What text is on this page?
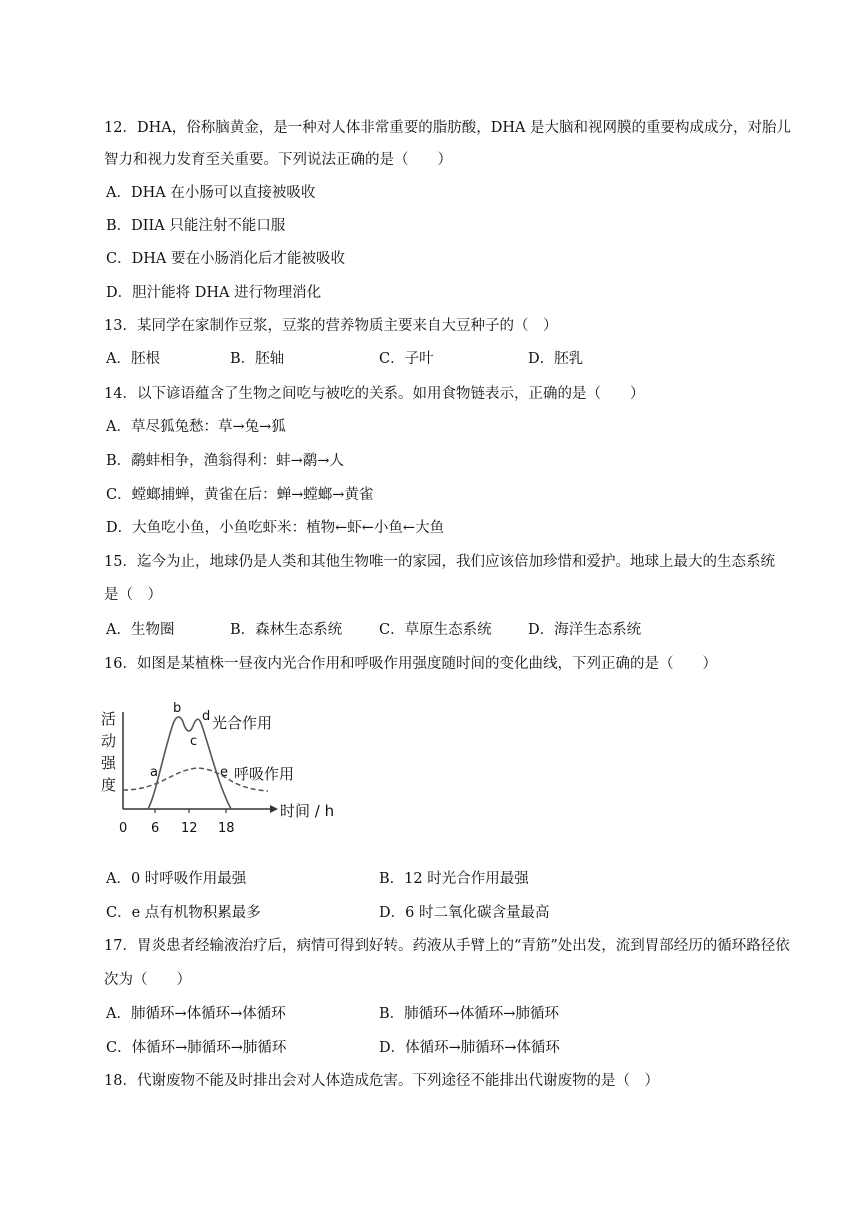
12．DHA，俗称脑黄金，是一种对人体非常重要的脂肪酸，DHA 是大脑和视网膜的重要构成成分，对胎儿
智力和视力发育至关重要。下列说法正确的是（　　）
A．DHA 在小肠可以直接被吸收
B．DIIA 只能注射不能口服
C．DHA 要在小肠消化后才能被吸收
D．胆汁能将 DHA 进行物理消化
13．某同学在家制作豆浆，豆浆的营养物质主要来自大豆种子的（　）
A．胚根	B．胚轴	C．子叶	D．胚乳
14．以下谚语蕴含了生物之间吃与被吃的关系。如用食物链表示，正确的是（　　）
A．草尽狐兔愁：草→兔→狐
B．鹬蚌相争，渔翁得利：蚌→鹬→人
C．螳螂捕蝉，黄雀在后：蝉→螳螂→黄雀
D．大鱼吃小鱼，小鱼吃虾米：植物←虾←小鱼←大鱼
15．迄今为止，地球仍是人类和其他生物唯一的家园，我们应该倍加珍惜和爱护。地球上最大的生态系统
是（　）
A．生物圈	B．森林生态系统	C．草原生态系统	D．海洋生态系统
16．如图是某植株一昼夜内光合作用和呼吸作用强度随时间的变化曲线，下列正确的是（　　）
活
动
强
度
时间 / h
0 6 12 18
光合作用
呼吸作用
a
b
c
d
e
A．0 时呼吸作用最强	B．12 时光合作用最强
C．e 点有机物积累最多	D．6 时二氧化碳含量最高
17．胃炎患者经输液治疗后，病情可得到好转。药液从手臂上的“青筋”处出发，流到胃部经历的循环路径依
次为（　　）
A．肺循环→体循环→体循环	B．肺循环→体循环→肺循环
C．体循环→肺循环→肺循环	D．体循环→肺循环→体循环
18．代谢废物不能及时排出会对人体造成危害。下列途径不能排出代谢废物的是（　）
